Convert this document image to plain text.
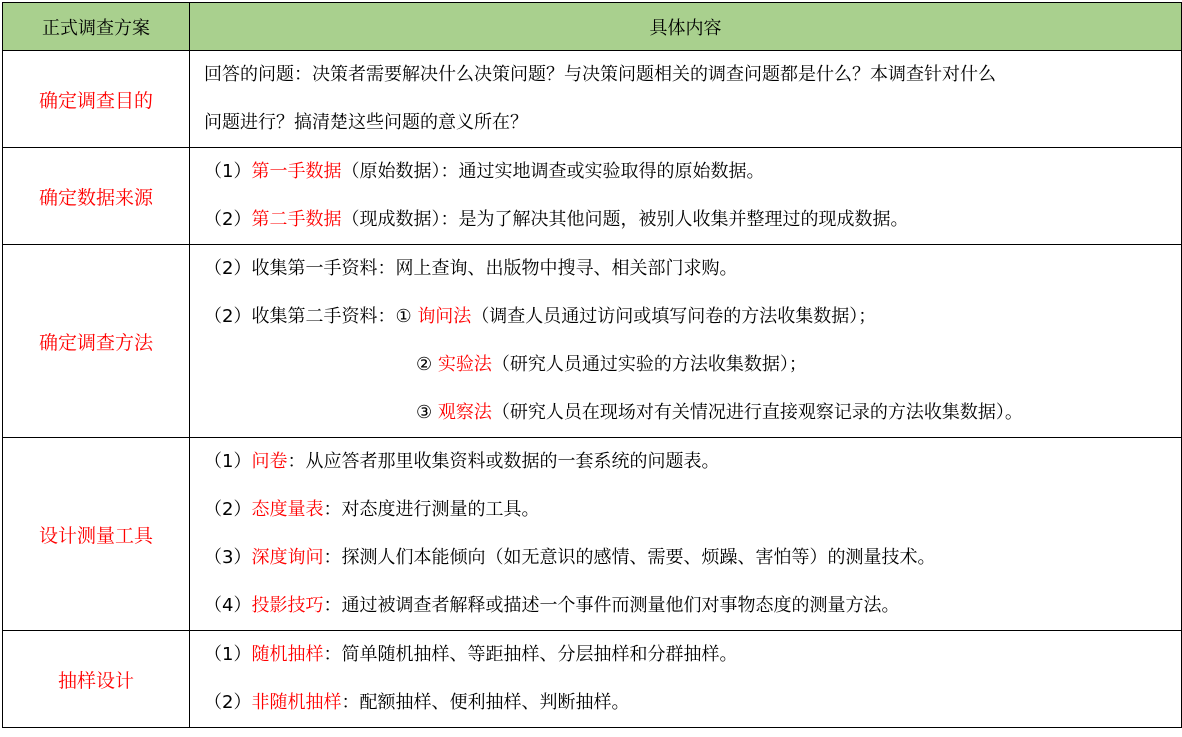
正式调查方案	具体内容
确定调查目的	回答的问题：决策者需要解决什么决策问题？与决策问题相关的调查问题都是什么？本调查针对什么
问题进行？搞清楚这些问题的意义所在？

确定数据来源	（1）第一手数据（原始数据）：通过实地调查或实验取得的原始数据。
（2）第二手数据（现成数据）：是为了解决其他问题，被别人收集并整理过的现成数据。

确定调查方法	（2）收集第一手资料：网上查询、出版物中搜寻、相关部门求购。
（2）收集第二手资料：① 询问法（调查人员通过访问或填写问卷的方法收集数据）；
② 实验法（研究人员通过实验的方法收集数据）；
③ 观察法（研究人员在现场对有关情况进行直接观察记录的方法收集数据）。

设计测量工具	（1）问卷：从应答者那里收集资料或数据的一套系统的问题表。
（2）态度量表：对态度进行测量的工具。
（3）深度询问：探测人们本能倾向（如无意识的感情、需要、烦躁、害怕等）的测量技术。
（4）投影技巧：通过被调查者解释或描述一个事件而测量他们对事物态度的测量方法。

抽样设计	（1）随机抽样：简单随机抽样、等距抽样、分层抽样和分群抽样。
（2）非随机抽样：配额抽样、便利抽样、判断抽样。
